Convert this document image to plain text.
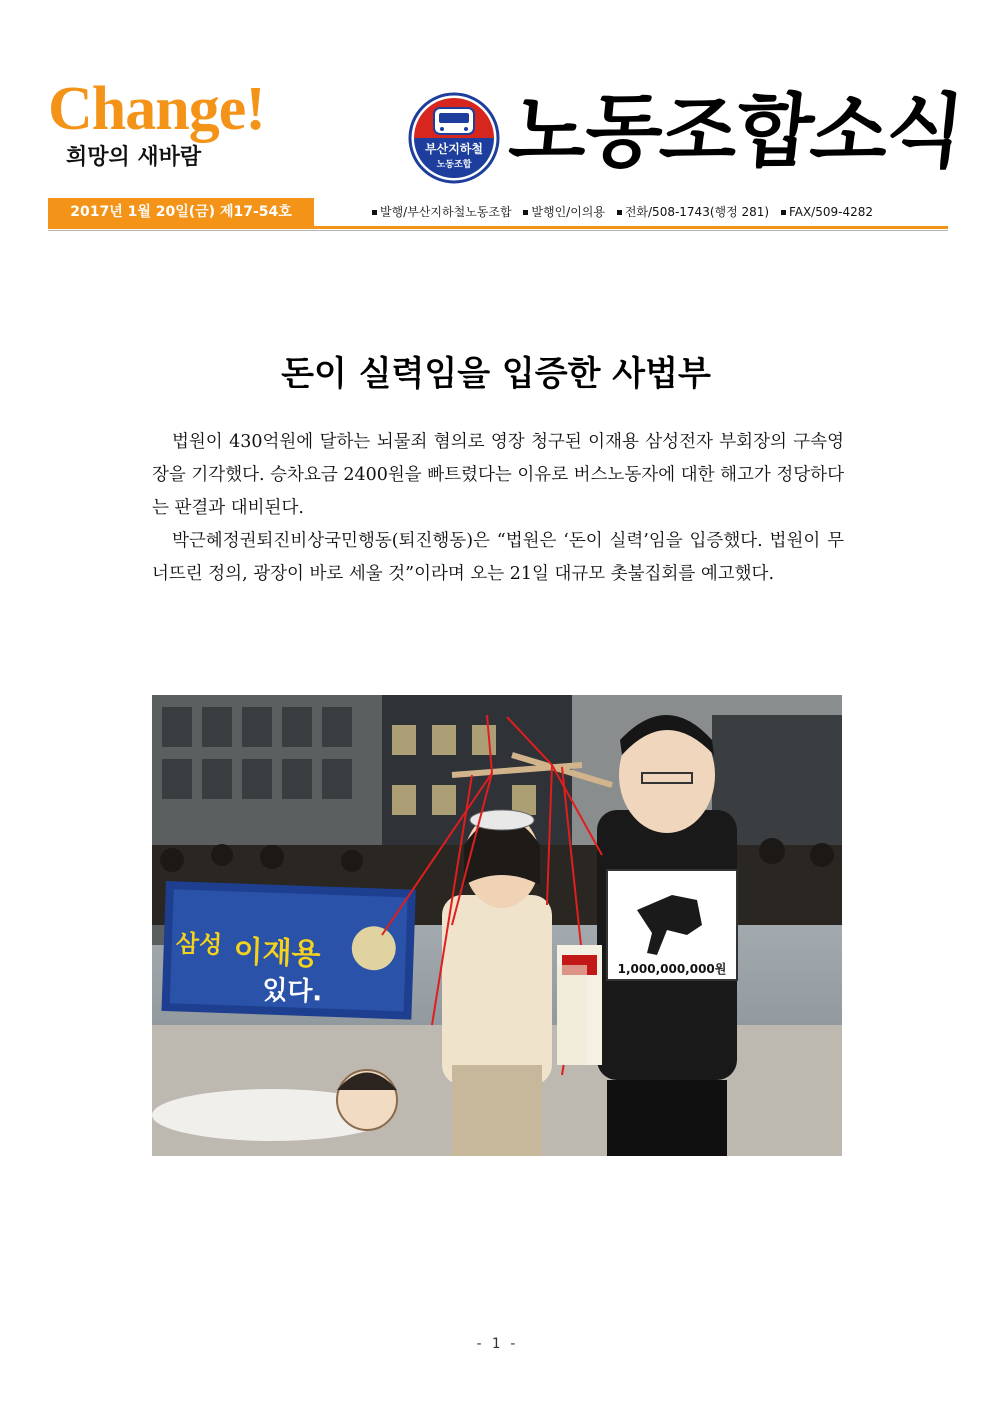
Change!
희망의 새바람
2017년 1월 20일(금) 제17-54호
부산지하철
노동조합 노동조합소식
발행/부산지하철노동조합 발행인/이의용 전화/508-1743(행정 281) FAX/509-4282
돈이 실력임을 입증한 사법부

법원이 430억원에 달하는 뇌물죄 혐의로 영장 청구된 이재용 삼성전자 부회장의 구속영장을 기각했다. 승차요금 2400원을 빠트렸다는 이유로 버스노동자에 대한 해고가 정당하다는 판결과 대비된다.

박근혜정권퇴진비상국민행동(퇴진행동)은 “법원은 ‘돈이 실력’임을 입증했다. 법원이 무너뜨린 정의, 광장이 바로 세울 것”이라며 오는 21일 대규모 촛불집회를 예고했다.

삼성 이재용
있다.
1,000,000,000원
- 1 -
